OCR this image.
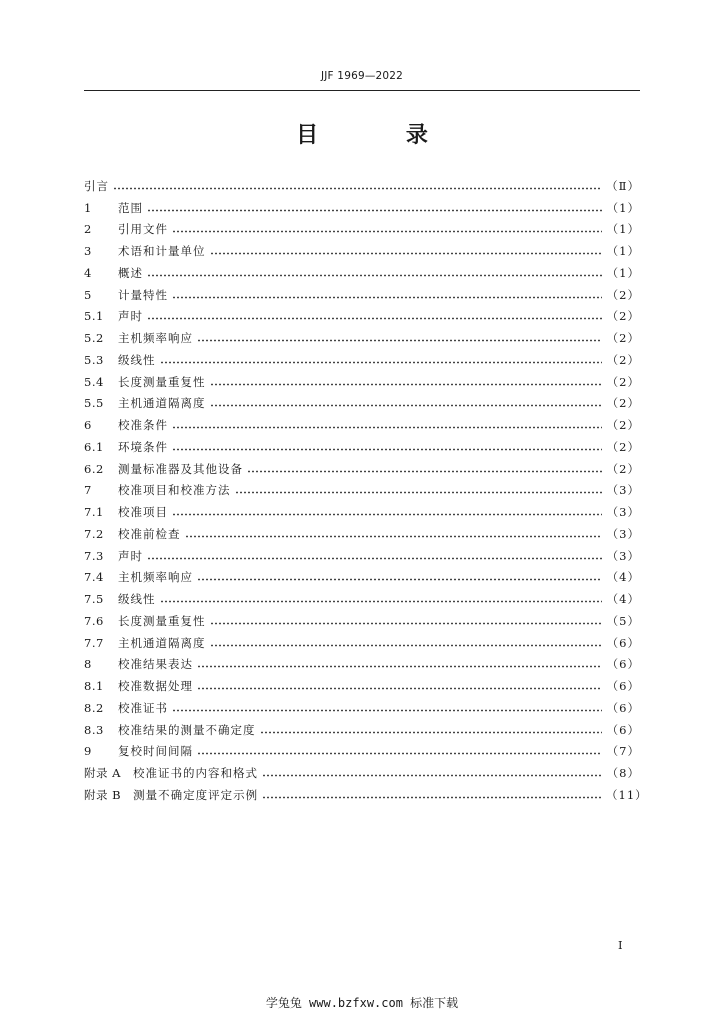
JJF 1969—2022
目 录
引言	（Ⅱ）
1	范围	（1）
2	引用文件	（1）
3	术语和计量单位	（1）
4	概述	（1）
5	计量特性	（2）
5.1	声时	（2）
5.2	主机频率响应	（2）
5.3	级线性	（2）
5.4	长度测量重复性	（2）
5.5	主机通道隔离度	（2）
6	校准条件	（2）
6.1	环境条件	（2）
6.2	测量标准器及其他设备	（2）
7	校准项目和校准方法	（3）
7.1	校准项目	（3）
7.2	校准前检查	（3）
7.3	声时	（3）
7.4	主机频率响应	（4）
7.5	级线性	（4）
7.6	长度测量重复性	（5）
7.7	主机通道隔离度	（6）
8	校准结果表达	（6）
8.1	校准数据处理	（6）
8.2	校准证书	（6）
8.3	校准结果的测量不确定度	（6）
9	复校时间间隔	（7）
附录 A 校准证书的内容和格式	（8）
附录 B 测量不确定度评定示例	（11）
Ⅰ
学兔兔 www.bzfxw.com 标准下载
